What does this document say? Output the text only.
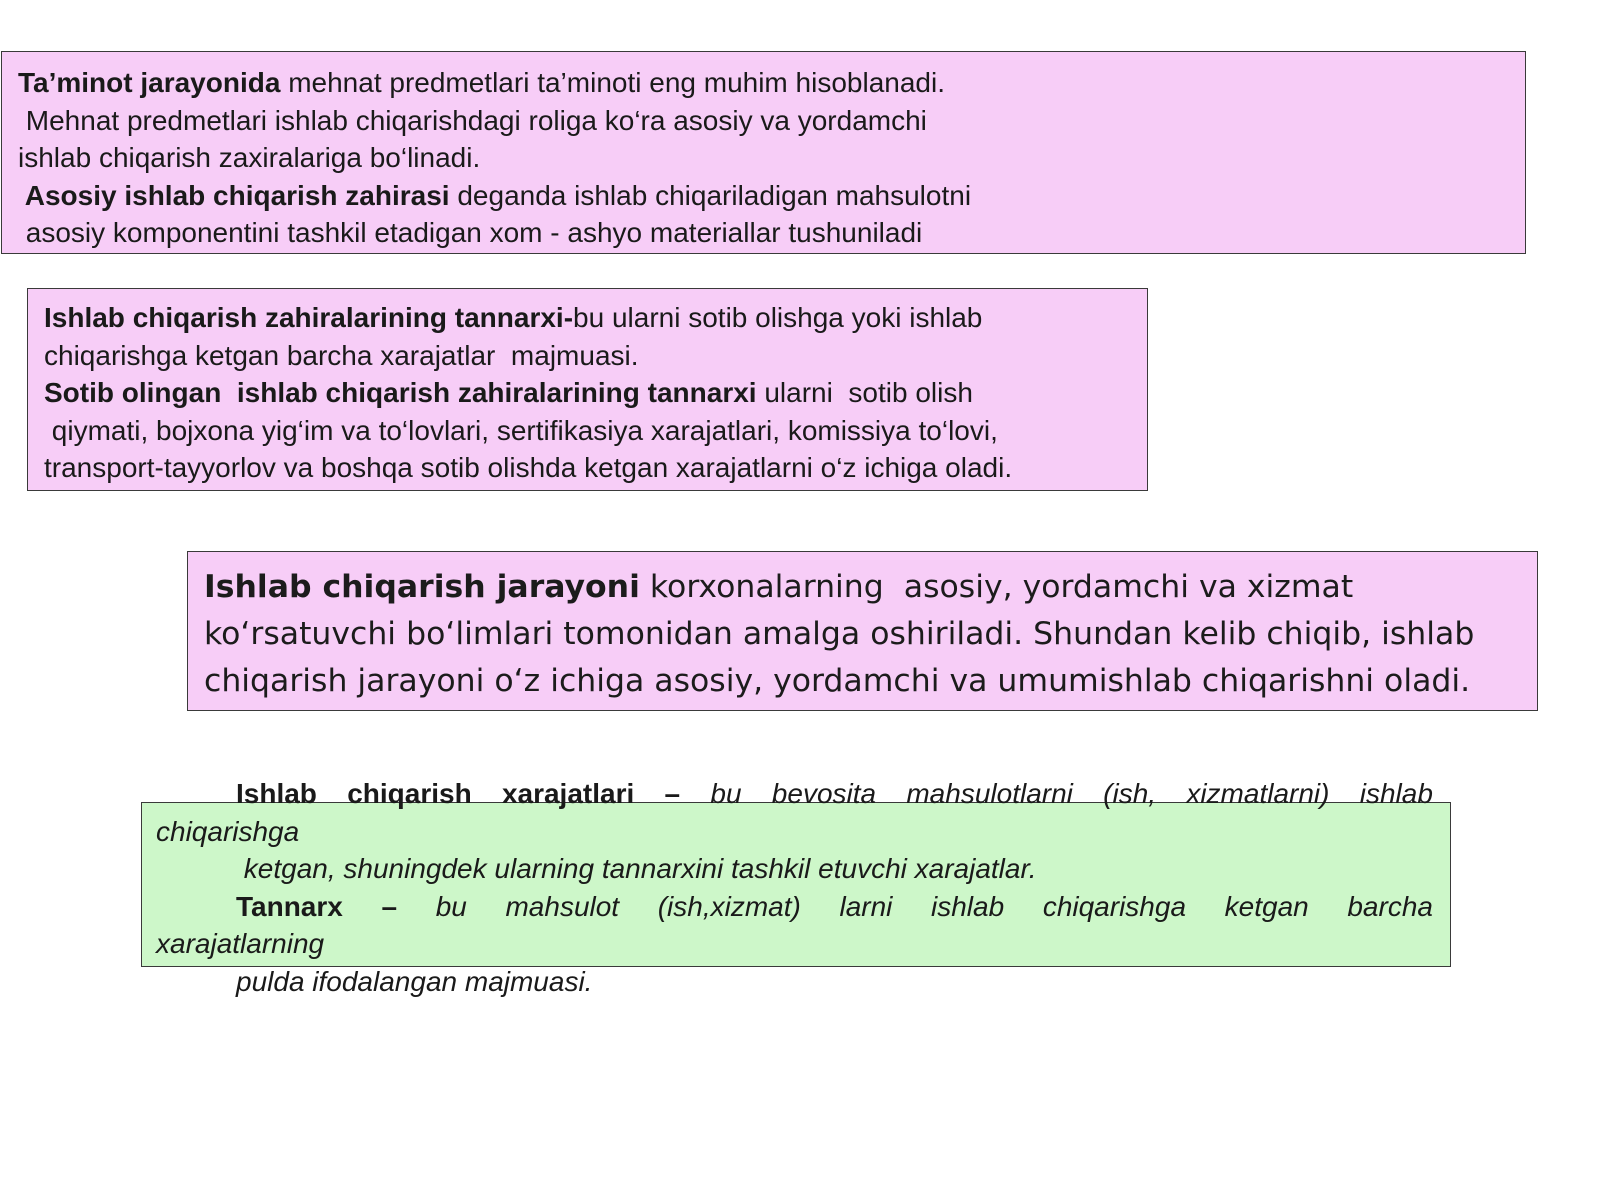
Ta’minot jarayonida mehnat predmetlari ta’minoti eng muhim hisoblanadi.
Mehnat predmetlari ishlab chiqarishdagi roliga ko‘ra asosiy va yordamchi
ishlab chiqarish zaxiralariga bo‘linadi.
Asosiy ishlab chiqarish zahirasi deganda ishlab chiqariladigan mahsulotni
asosiy komponentini tashkil etadigan xom - ashyo materiallar tushuniladi
Ishlab chiqarish zahiralarining tannarxi-bu ularni sotib olishga yoki ishlab
chiqarishga ketgan barcha xarajatlar  majmuasi.
Sotib olingan  ishlab chiqarish zahiralarining tannarxi ularni  sotib olish
qiymati, bojxona yig‘im va to‘lovlari, sertifikasiya xarajatlari, komissiya to‘lovi,
transport-tayyorlov va boshqa sotib olishda ketgan xarajatlarni o‘z ichiga oladi.
Ishlab chiqarish jarayoni korxonalarning  asosiy, yordamchi va xizmat
ko‘rsatuvchi bo‘limlari tomonidan amalga oshiriladi. Shundan kelib chiqib, ishlab
chiqarish jarayoni o‘z ichiga asosiy, yordamchi va umumishlab chiqarishni oladi.
Ishlab chiqarish xarajatlari – bu bevosita mahsulotlarni (ish, xizmatlarni) ishlab
chiqarishga
ketgan, shuningdek ularning tannarxini tashkil etuvchi xarajatlar.
Tannarx – bu mahsulot (ish,xizmat) larni ishlab chiqarishga ketgan barcha
xarajatlarning
pulda ifodalangan majmuasi.
